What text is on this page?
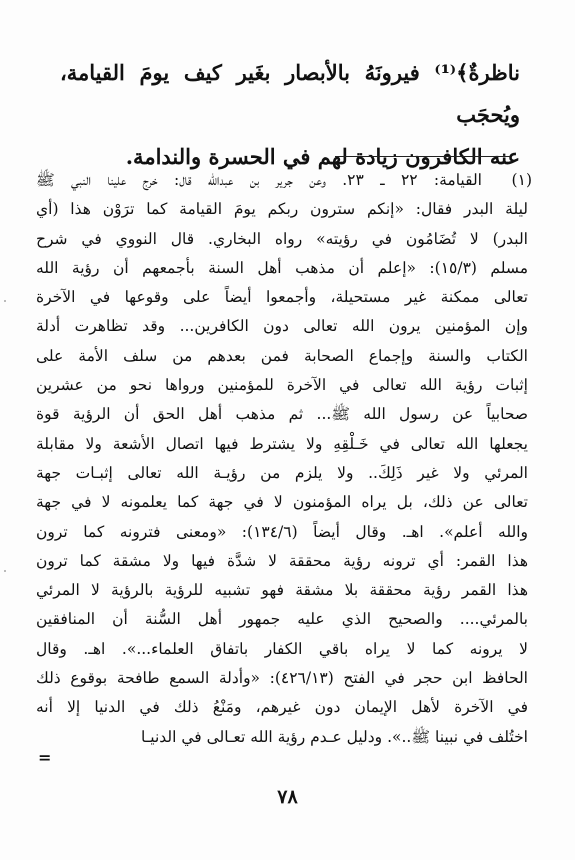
ناظرةٌ﴾⁽¹⁾ فيرونَهُ بالأبصار بغَير كيف يومَ القيامة، ويُحجَب

عنه الكافرون زيادة لهم في الحسرة والندامة.

(١)
القيامة: ٢٢ ـ ٢٣. وعن جرير بن عبدالله قال: خرج علينا النبي ﷺ
ليلة البدر فقال: «إنكم سترون ربكم يومَ القيامة كما ترَوْن هذا (أي
البدر) لا تُضَامُون في رؤيته» رواه البخاري. قال النووي في شرح
مسلم (١٥/٣): «إعلم أن مذهب أهل السنة بأجمعهم أن رؤية الله
تعالى ممكنة غير مستحيلة، وأجمعوا أيضاً على وقوعها في الآخرة
وإن المؤمنين يرون الله تعالى دون الكافرين... وقد تظاهرت أدلة
الكتاب والسنة وإجماع الصحابة فمن بعدهم من سلف الأمة على
إثبات رؤية الله تعالى في الآخرة للمؤمنين ورواها نحو من عشرين
صحابياً عن رسول الله ﷺ... ثم مذهب أهل الحق أن الرؤية قوة
يجعلها الله تعالى في خَـلْقِهِ ولا يشترط فيها اتصال الأشعة ولا مقابلة
المرئي ولا غير ذَلِكَ.. ولا يلزم من رؤيـة الله تعالى إثبـات جهة
تعالى عن ذلك، بل يراه المؤمنون لا في جهة كما يعلمونه لا في جهة
والله أعلم». اهـ. وقال أيضاً (١٣٤/٦): «ومعنى فترونه كما ترون
هذا القمر: أي ترونه رؤية محققة لا شدَّة فيها ولا مشقة كما ترون
هذا القمر رؤية محققة بلا مشقة فهو تشبيه للرؤية بالرؤية لا المرئي
بالمرئي.... والصحيح الذي عليه جمهور أهل السُّنة أن المنافقين
لا يرونه كما لا يراه باقي الكفار باتفاق العلماء...». اهـ. وقال
الحافظ ابن حجر في الفتح (٤٢٦/١٣): «وأدلة السمع طافحة بوقوع ذلك
في الآخرة لأهل الإيمان دون غيرهم، ومَنْعُ ذلك في الدنيا إلا أنه
اختُلف في نبينا ﷺ..». ودليل عـدم رؤية الله تعـالى في الدنيـا
=
٧٨
